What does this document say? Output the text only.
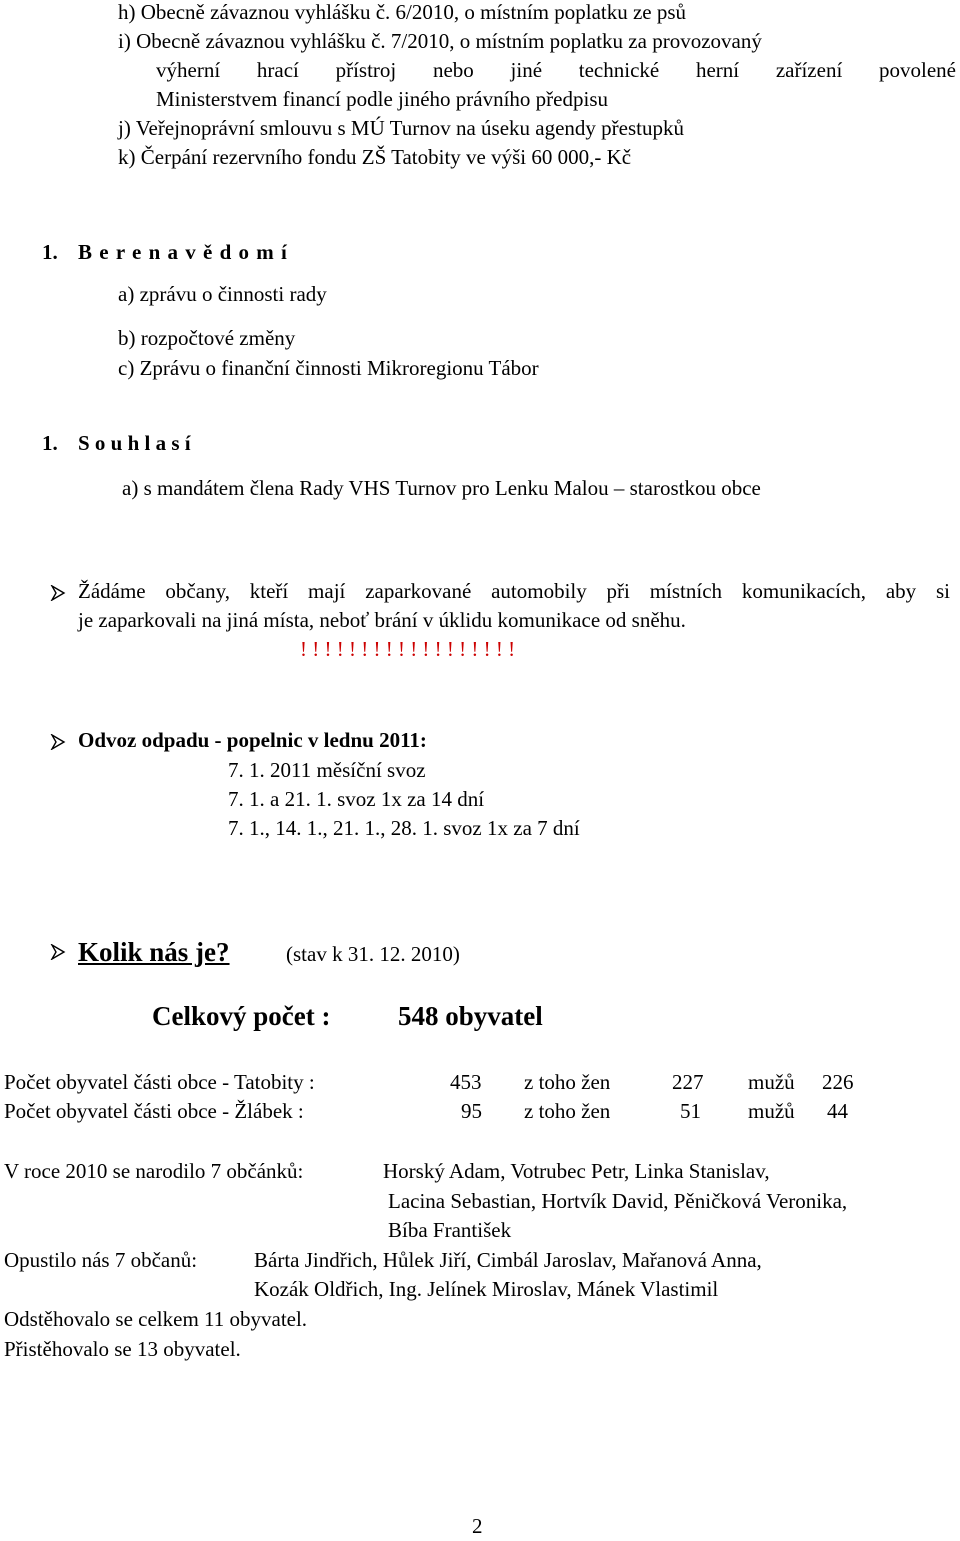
h) Obecně závaznou vyhlášku č. 6/2010, o místním poplatku ze psů
i) Obecně závaznou vyhlášku č. 7/2010, o místním poplatku za provozovaný
výherní hrací přístroj nebo jiné technické herní zařízení povolené
Ministerstvem financí podle jiného právního předpisu
j) Veřejnoprávní smlouvu s MÚ Turnov na úseku agendy přestupků
k) Čerpání rezervního fondu ZŠ Tatobity ve výši 60 000,- Kč
1. B e r e n a v ě d o m í
a) zprávu o činnosti rady
b) rozpočtové změny
c) Zprávu o finanční činnosti Mikroregionu Tábor
1. S o u h l a s í
a) s mandátem člena Rady VHS Turnov pro Lenku Malou – starostkou obce
Žádáme občany, kteří mají zaparkované automobily při místních komunikacích, aby si
je zaparkovali na jiná místa, neboť brání v úklidu komunikace od sněhu.
! ! ! ! ! ! ! ! ! ! ! ! ! ! ! ! ! !
Odvoz odpadu - popelnic v lednu 2011:
7. 1. 2011 měsíční svoz
7. 1. a 21. 1. svoz 1x za 14 dní
7. 1., 14. 1., 21. 1., 28. 1. svoz 1x za 7 dní
Kolik nás je?	(stav k 31. 12. 2010)
Celkový počet :	548 obyvatel
Počet obyvatel části obce - Tatobity :	453 z toho žen	227 mužů 226
Počet obyvatel části obce - Žlábek :	95 z toho žen	51 mužů 44
V roce 2010 se narodilo 7 občánků:	Horský Adam, Votrubec Petr, Linka Stanislav,
Lacina Sebastian, Hortvík David, Pěničková Veronika,
Bíba František
Opustilo nás 7 občanů:	Bárta Jindřich, Hůlek Jiří, Cimbál Jaroslav, Mařanová Anna,
Kozák Oldřich, Ing. Jelínek Miroslav, Mánek Vlastimil
Odstěhovalo se celkem 11 obyvatel.
Přistěhovalo se 13 obyvatel.
2
